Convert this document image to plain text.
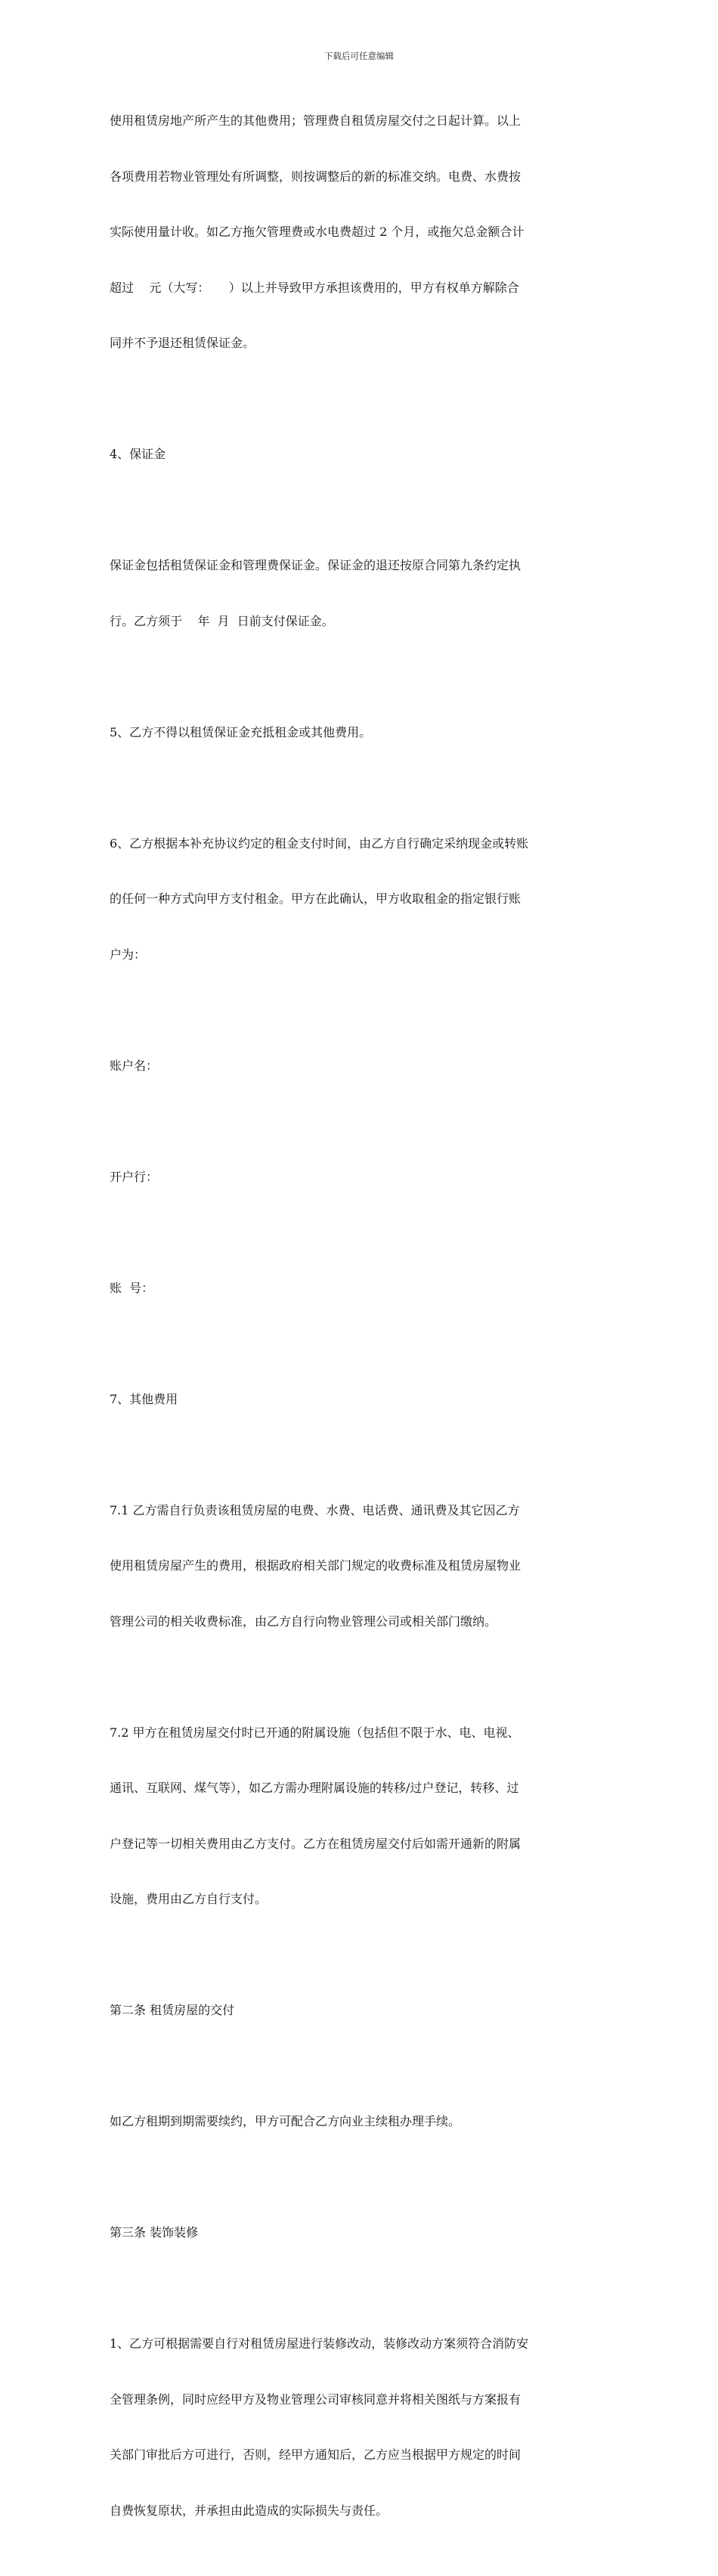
下载后可任意编辑

使用租赁房地产所产生的其他费用；管理费自租赁房屋交付之日起计算。以上

各项费用若物业管理处有所调整，则按调整后的新的标准交纳。电费、水费按

实际使用量计收。如乙方拖欠管理费或水电费超过 2 个月，或拖欠总金额合计

超过    元（大写：     ）以上并导致甲方承担该费用的，甲方有权单方解除合

同并不予退还租赁保证金。

4、保证金

保证金包括租赁保证金和管理费保证金。保证金的退还按原合同第九条约定执

行。乙方须于    年  月  日前支付保证金。

5、乙方不得以租赁保证金充抵租金或其他费用。

6、乙方根据本补充协议约定的租金支付时间，由乙方自行确定采纳现金或转账

的任何一种方式向甲方支付租金。甲方在此确认，甲方收取租金的指定银行账

户为：

账户名：

开户行：

账  号：

7、其他费用

7.1 乙方需自行负责该租赁房屋的电费、水费、电话费、通讯费及其它因乙方

使用租赁房屋产生的费用，根据政府相关部门规定的收费标准及租赁房屋物业

管理公司的相关收费标准，由乙方自行向物业管理公司或相关部门缴纳。

7.2 甲方在租赁房屋交付时已开通的附属设施（包括但不限于水、电、电视、

通讯、互联网、煤气等），如乙方需办理附属设施的转移/过户登记，转移、过

户登记等一切相关费用由乙方支付。乙方在租赁房屋交付后如需开通新的附属

设施，费用由乙方自行支付。

第二条 租赁房屋的交付

如乙方租期到期需要续约，甲方可配合乙方向业主续租办理手续。

第三条 装饰装修

1、乙方可根据需要自行对租赁房屋进行装修改动，装修改动方案须符合消防安

全管理条例，同时应经甲方及物业管理公司审核同意并将相关图纸与方案报有

关部门审批后方可进行，否则，经甲方通知后，乙方应当根据甲方规定的时间

自费恢复原状，并承担由此造成的实际损失与责任。
